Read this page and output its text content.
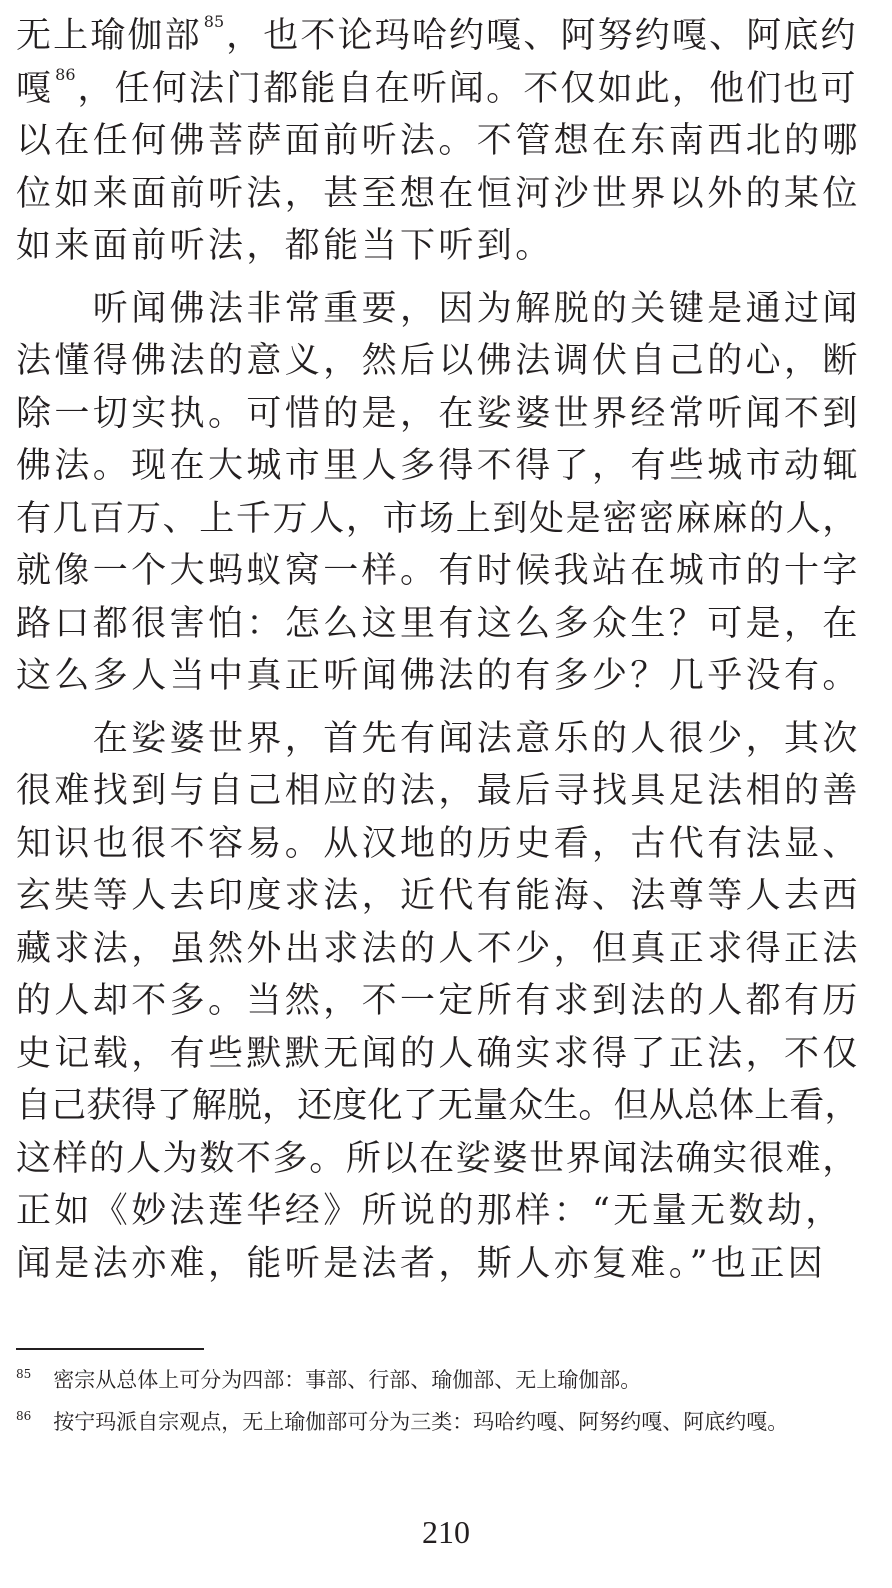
无上瑜伽部 $^{85}$，也不论玛哈约嘎、阿努约嘎、阿底约
嘎 $^{86}$，任何法门都能自在听闻。不仅如此，他们也可
以在任何佛菩萨面前听法。不管想在东南西北的哪
位如来面前听法，甚至想在恒河沙世界以外的某位
如来面前听法，都能当下听到。

　　听闻佛法非常重要，因为解脱的关键是通过闻
法懂得佛法的意义，然后以佛法调伏自己的心，断
除一切实执。可惜的是，在娑婆世界经常听闻不到
佛法。现在大城市里人多得不得了，有些城市动辄
有几百万、上千万人，市场上到处是密密麻麻的人，
就像一个大蚂蚁窝一样。有时候我站在城市的十字
路口都很害怕：怎么这里有这么多众生？可是，在
这么多人当中真正听闻佛法的有多少？几乎没有。

　　在娑婆世界，首先有闻法意乐的人很少，其次
很难找到与自己相应的法，最后寻找具足法相的善
知识也很不容易。从汉地的历史看，古代有法显、
玄奘等人去印度求法，近代有能海、法尊等人去西
藏求法，虽然外出求法的人不少，但真正求得正法
的人却不多。当然，不一定所有求到法的人都有历
史记载，有些默默无闻的人确实求得了正法，不仅
自己获得了解脱，还度化了无量众生。但从总体上看，
这样的人为数不多。所以在娑婆世界闻法确实很难，
正如《妙法莲华经》所说的那样：“无量无数劫，
闻是法亦难，能听是法者，斯人亦复难。”也正因

$^{85}$ 密宗从总体上可分为四部：事部、行部、瑜伽部、无上瑜伽部。

$^{86}$ 按宁玛派自宗观点，无上瑜伽部可分为三类：玛哈约嘎、阿努约嘎、阿底约嘎。

210
